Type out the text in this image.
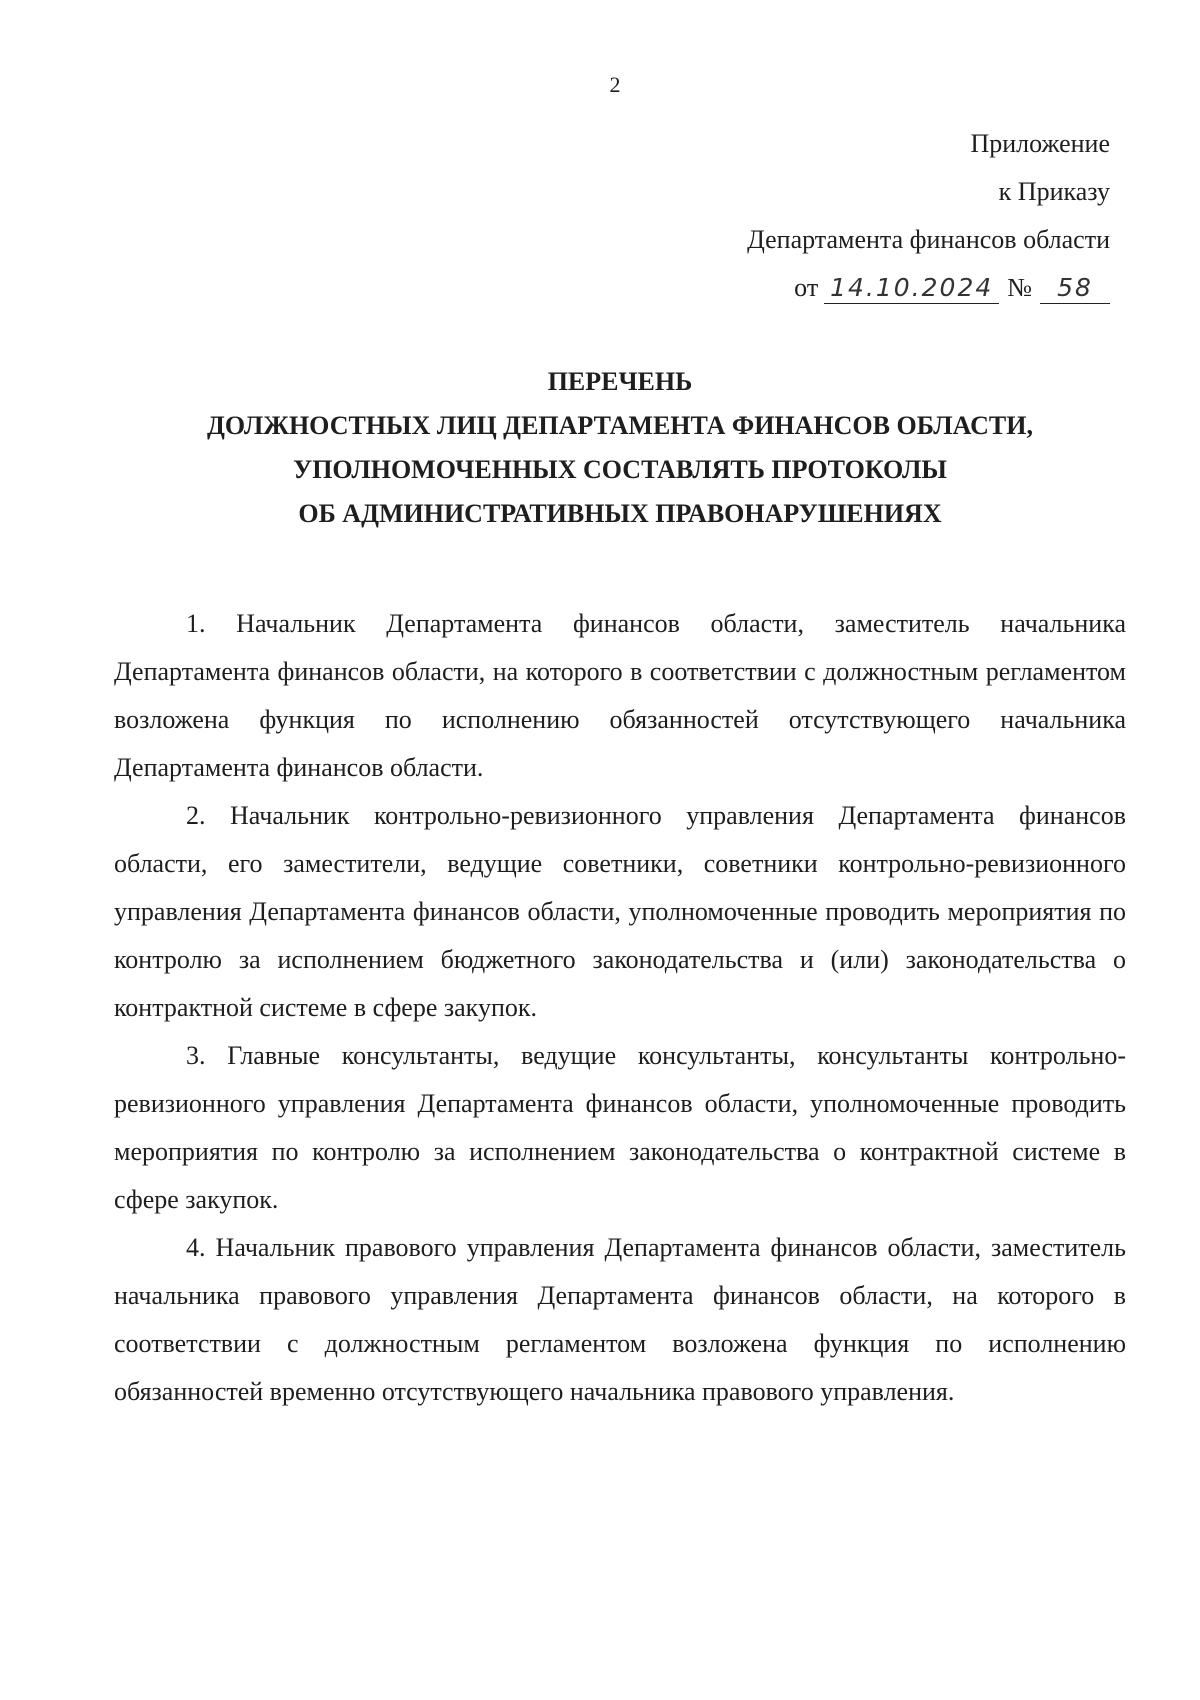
2
Приложение
к Приказу
Департамента финансов области
от 14.10.2024 № 58
ПЕРЕЧЕНЬ
ДОЛЖНОСТНЫХ ЛИЦ ДЕПАРТАМЕНТА ФИНАНСОВ ОБЛАСТИ,
УПОЛНОМОЧЕННЫХ СОСТАВЛЯТЬ ПРОТОКОЛЫ
ОБ АДМИНИСТРАТИВНЫХ ПРАВОНАРУШЕНИЯХ

1. Начальник Департамента финансов области, заместитель начальника Департамента финансов области, на которого в соответствии с должностным регламентом возложена функция по исполнению обязанностей отсутствующего начальника Департамента финансов области.

2. Начальник контрольно-ревизионного управления Департамента финансов области, его заместители, ведущие советники, советники контрольно-ревизионного управления Департамента финансов области, уполномоченные проводить мероприятия по контролю за исполнением бюджетного законодательства и (или) законодательства о контрактной системе в сфере закупок.

3. Главные консультанты, ведущие консультанты, консультанты контрольно-ревизионного управления Департамента финансов области, уполномоченные проводить мероприятия по контролю за исполнением законодательства о контрактной системе в сфере закупок.

4. Начальник правового управления Департамента финансов области, заместитель начальника правового управления Департамента финансов области, на которого в соответствии с должностным регламентом возложена функция по исполнению обязанностей временно отсутствующего начальника правового управления.
